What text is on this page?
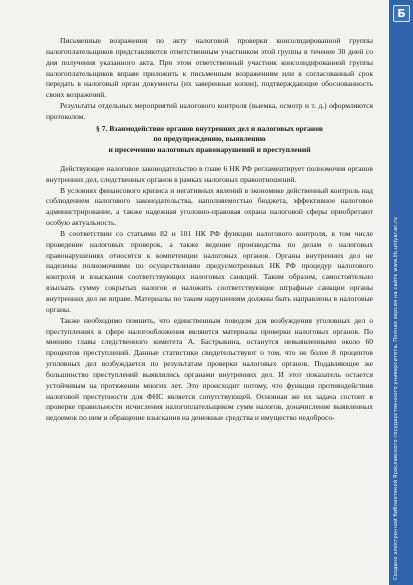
Письменные возражения по акту налоговой проверки консолидированной группы налогоплательщиков представляются ответственным участником этой группы в течение 30 дней со дня получения указанного акта. При этом ответственный участник консолидированной группы налогоплательщиков вправе приложить к письменным возражениям или в согласованный срок передать в налоговый орган документы (их заверенные копии), подтверждающие обоснованность своих возражений.

Результаты отдельных мероприятий налогового контроля (выемка, осмотр и т. д.) оформляются протоколом.

§ 7. Взаимодействие органов внутренних дел и налоговых органов
по предупреждению, выявлению
и пресечению налоговых правонарушений и преступлений

Действующее налоговое законодательство в главе 6 НК РФ регламентирует полномочия органов внутренних дел, следственных органов в рамках налоговых правоотношений.

В условиях финансового кризиса и негативных явлений в экономике действенный контроль над соблюдением налогового законодательства, наполняемостью бюджета, эффективное налоговое администрирование, а также надежная уголовно-правовая охрана налоговой сферы приобретают особую актуальность.

В соответствии со статьями 82 и 101 НК РФ функции налогового контроля, в том числе проведение налоговых проверок, а также ведение производства по делам о налоговых правонарушениях относятся к компетенции налоговых органов. Органы внутренних дел не наделены полномочиями по осуществлению предусмотренных НК РФ процедур налогового контроля и взыскания соответствующих налоговых санкций. Таким образом, самостоятельно взыскать сумму сокрытых налогов и наложить соответствующие штрафные санкции органы внутренних дел не вправе. Материалы по таким нарушениям должны быть направлены в налоговые органы.

Также необходимо помнить, что единственным поводом для возбуждения уголовных дел о преступлениях в сфере налогообложения являются материалы проверки налоговых органов. По мнению главы следственного комитета А. Бастрыкина, останутся невыявленными около 60 процентов преступлений. Данные статистики свидетельствуют о том, что не более 8 процентов уголовных дел возбуждается по результатам проверки налоговых органов. Подавляющее же большинство преступлений выявлялись органами внутренних дел. И этот показатель остается устойчивым на протяжении многих лет. Это происходит потому, что функция противодействия налоговой преступности для ФНС является сопутствующей. Основная же их задача состоит в проверке правильности исчисления налогоплательщиком сумм налогов, доначисление выявленных недоимок по ним и обращение взыскания на денежные средства и имущество недобросо-

Б
Создано электронной библиотекой Ярославского государственного университета. Полная версия на сайте www.lib.uniyar.ac.ru
